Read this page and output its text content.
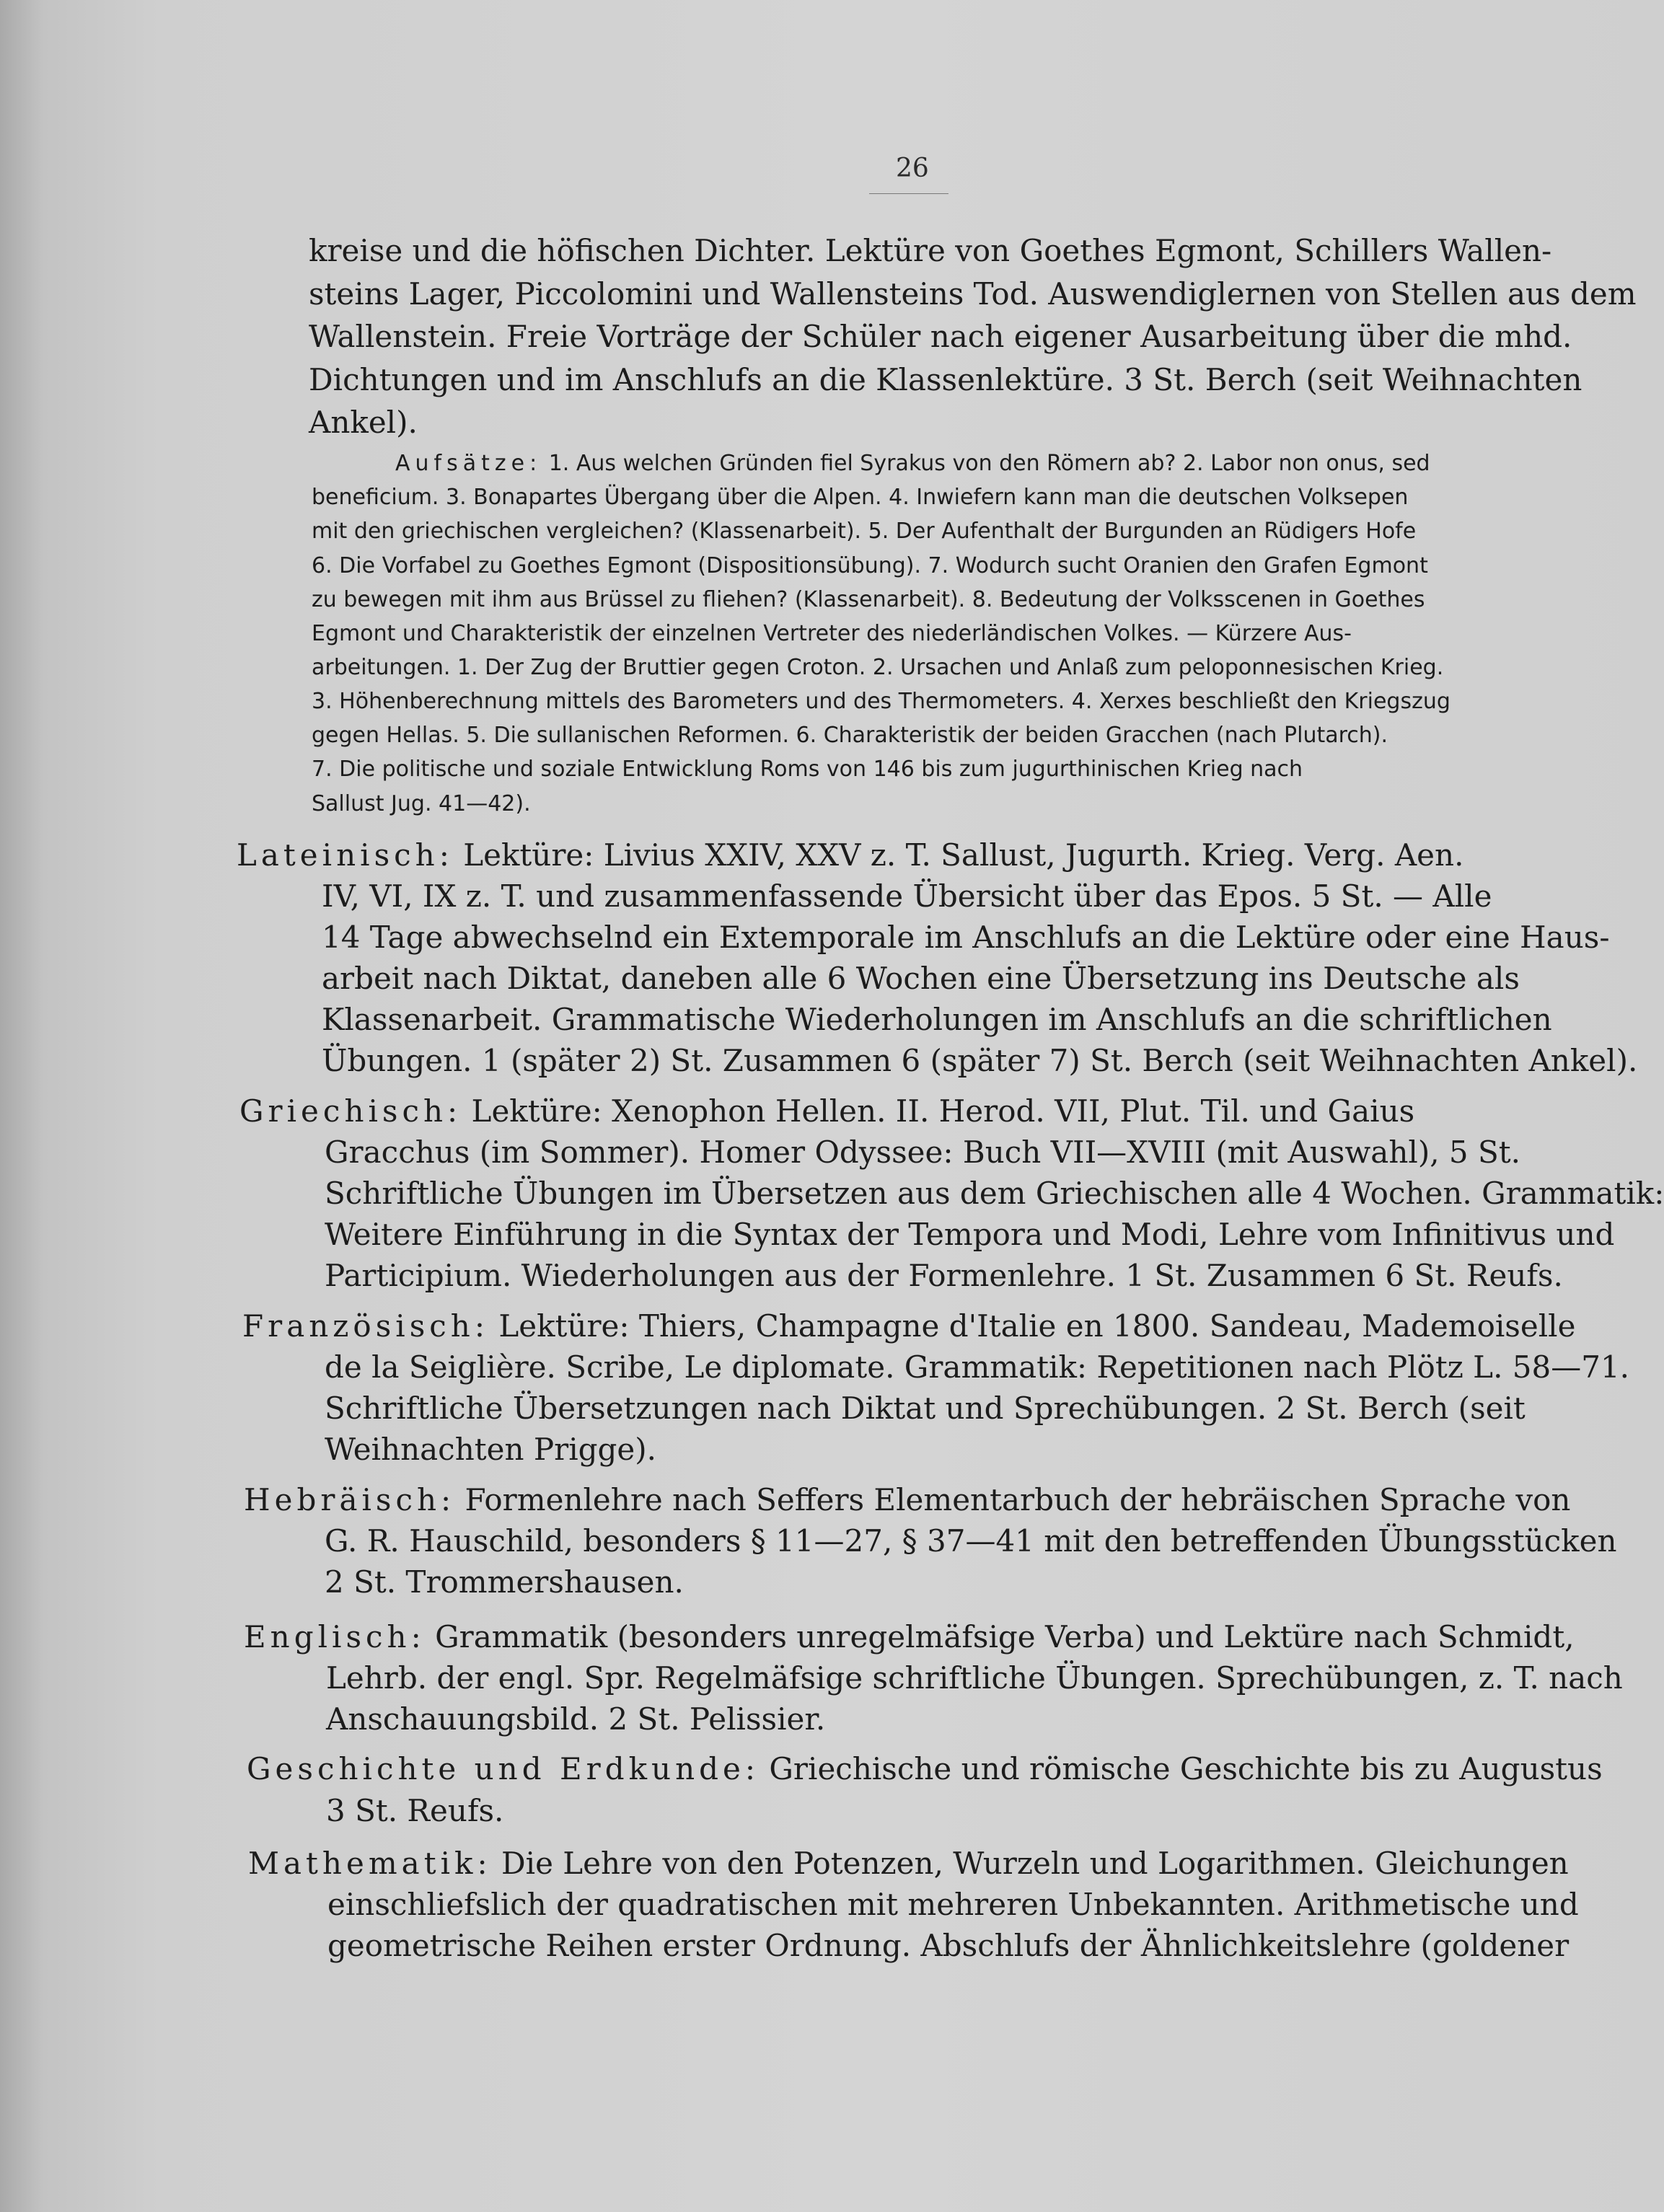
26
kreise und die höfischen Dichter. Lektüre von Goethes Egmont, Schillers Wallen-
steins Lager, Piccolomini und Wallensteins Tod. Auswendiglernen von Stellen aus dem
Wallenstein. Freie Vorträge der Schüler nach eigener Ausarbeitung über die mhd.
Dichtungen und im Anschlufs an die Klassenlektüre. 3 St. Berch (seit Weihnachten
Ankel).
Aufsätze: 1. Aus welchen Gründen fiel Syrakus von den Römern ab? 2. Labor non onus, sed
beneficium. 3. Bonapartes Übergang über die Alpen. 4. Inwiefern kann man die deutschen Volksepen
mit den griechischen vergleichen? (Klassenarbeit). 5. Der Aufenthalt der Burgunden an Rüdigers Hofe
6. Die Vorfabel zu Goethes Egmont (Dispositionsübung). 7. Wodurch sucht Oranien den Grafen Egmont
zu bewegen mit ihm aus Brüssel zu fliehen? (Klassenarbeit). 8. Bedeutung der Volksscenen in Goethes
Egmont und Charakteristik der einzelnen Vertreter des niederländischen Volkes. — Kürzere Aus-
arbeitungen. 1. Der Zug der Bruttier gegen Croton. 2. Ursachen und Anlaß zum peloponnesischen Krieg.
3. Höhenberechnung mittels des Barometers und des Thermometers. 4. Xerxes beschließt den Kriegszug
gegen Hellas. 5. Die sullanischen Reformen. 6. Charakteristik der beiden Gracchen (nach Plutarch).
7. Die politische und soziale Entwicklung Roms von 146 bis zum jugurthinischen Krieg nach
Sallust Jug. 41—42).
Lateinisch: Lektüre: Livius XXIV, XXV z. T. Sallust, Jugurth. Krieg. Verg. Aen.
IV, VI, IX z. T. und zusammenfassende Übersicht über das Epos. 5 St. — Alle
14 Tage abwechselnd ein Extemporale im Anschlufs an die Lektüre oder eine Haus-
arbeit nach Diktat, daneben alle 6 Wochen eine Übersetzung ins Deutsche als
Klassenarbeit. Grammatische Wiederholungen im Anschlufs an die schriftlichen
Übungen. 1 (später 2) St. Zusammen 6 (später 7) St. Berch (seit Weihnachten Ankel).
Griechisch: Lektüre: Xenophon Hellen. II. Herod. VII, Plut. Til. und Gaius
Gracchus (im Sommer). Homer Odyssee: Buch VII—XVIII (mit Auswahl), 5 St.
Schriftliche Übungen im Übersetzen aus dem Griechischen alle 4 Wochen. Grammatik:
Weitere Einführung in die Syntax der Tempora und Modi, Lehre vom Infinitivus und
Participium. Wiederholungen aus der Formenlehre. 1 St. Zusammen 6 St. Reufs.
Französisch: Lektüre: Thiers, Champagne d'Italie en 1800. Sandeau, Mademoiselle
de la Seiglière. Scribe, Le diplomate. Grammatik: Repetitionen nach Plötz L. 58—71.
Schriftliche Übersetzungen nach Diktat und Sprechübungen. 2 St. Berch (seit
Weihnachten Prigge).
Hebräisch: Formenlehre nach Seffers Elementarbuch der hebräischen Sprache von
G. R. Hauschild, besonders § 11—27, § 37—41 mit den betreffenden Übungsstücken
2 St. Trommershausen.
Englisch: Grammatik (besonders unregelmäfsige Verba) und Lektüre nach Schmidt,
Lehrb. der engl. Spr. Regelmäfsige schriftliche Übungen. Sprechübungen, z. T. nach
Anschauungsbild. 2 St. Pelissier.
Geschichte und Erdkunde: Griechische und römische Geschichte bis zu Augustus
3 St. Reufs.
Mathematik: Die Lehre von den Potenzen, Wurzeln und Logarithmen. Gleichungen
einschliefslich der quadratischen mit mehreren Unbekannten. Arithmetische und
geometrische Reihen erster Ordnung. Abschlufs der Ähnlichkeitslehre (goldener
